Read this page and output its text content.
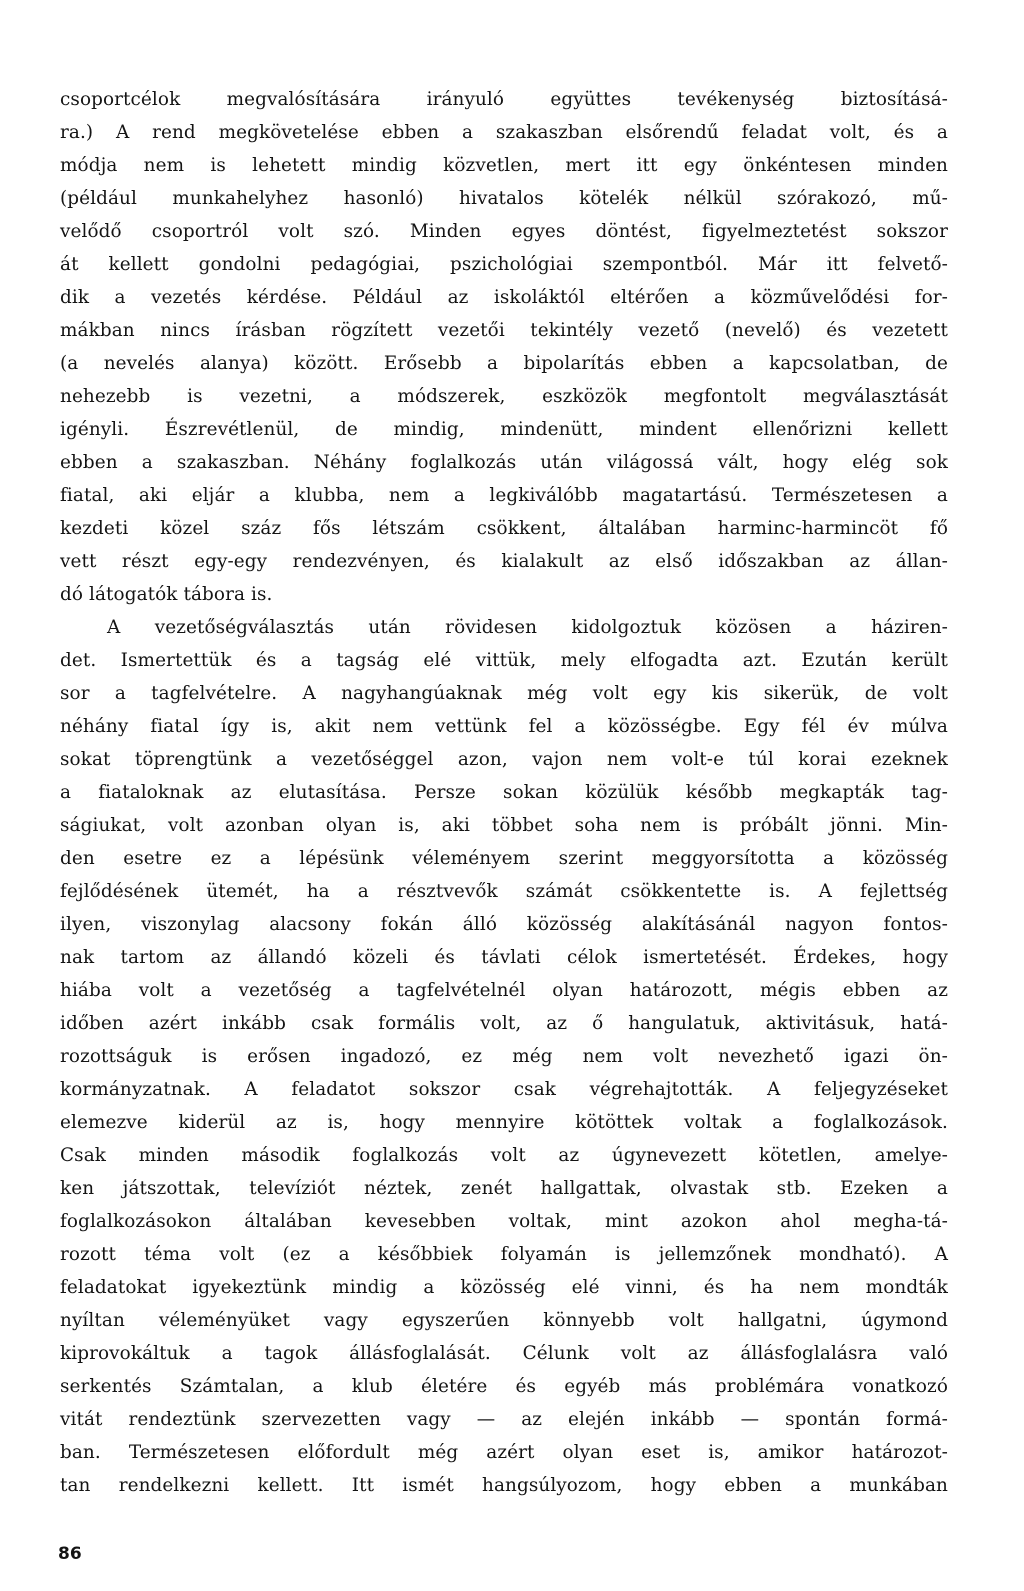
csoportcélok megvalósítására irányuló együttes tevékenység biztosításá-
ra.) A rend megkövetelése ebben a szakaszban elsőrendű feladat volt, és a
módja nem is lehetett mindig közvetlen, mert itt egy önkéntesen minden
(például munkahelyhez hasonló) hivatalos kötelék nélkül szórakozó, mű-
velődő csoportról volt szó. Minden egyes döntést, figyelmeztetést sokszor
át kellett gondolni pedagógiai, pszichológiai szempontból. Már itt felvető-
dik a vezetés kérdése. Például az iskoláktól eltérően a közművelődési for-
mákban nincs írásban rögzített vezetői tekintély vezető (nevelő) és vezetett
(a nevelés alanya) között. Erősebb a bipolarítás ebben a kapcsolatban, de
nehezebb is vezetni, a módszerek, eszközök megfontolt megválasztását
igényli. Észrevétlenül, de mindig, mindenütt, mindent ellenőrizni kellett
ebben a szakaszban. Néhány foglalkozás után világossá vált, hogy elég sok
fiatal, aki eljár a klubba, nem a legkiválóbb magatartású. Természetesen a
kezdeti közel száz fős létszám csökkent, általában harminc-harmincöt fő
vett részt egy-egy rendezvényen, és kialakult az első időszakban az állan-
dó látogatók tábora is.
A vezetőségválasztás után rövidesen kidolgoztuk közösen a háziren-
det. Ismertettük és a tagság elé vittük, mely elfogadta azt. Ezután került
sor a tagfelvételre. A nagyhangúaknak még volt egy kis sikerük, de volt
néhány fiatal így is, akit nem vettünk fel a közösségbe. Egy fél év múlva
sokat töprengtünk a vezetőséggel azon, vajon nem volt-e túl korai ezeknek
a fiataloknak az elutasítása. Persze sokan közülük később megkapták tag-
ságiukat, volt azonban olyan is, aki többet soha nem is próbált jönni. Min-
den esetre ez a lépésünk véleményem szerint meggyorsította a közösség
fejlődésének ütemét, ha a résztvevők számát csökkentette is. A fejlettség
ilyen, viszonylag alacsony fokán álló közösség alakításánál nagyon fontos-
nak tartom az állandó közeli és távlati célok ismertetését. Érdekes, hogy
hiába volt a vezetőség a tagfelvételnél olyan határozott, mégis ebben az
időben azért inkább csak formális volt, az ő hangulatuk, aktivitásuk, hatá-
rozottságuk is erősen ingadozó, ez még nem volt nevezhető igazi ön-
kormányzatnak. A feladatot sokszor csak végrehajtották. A feljegyzéseket
elemezve kiderül az is, hogy mennyire kötöttek voltak a foglalkozások.
Csak minden második foglalkozás volt az úgynevezett kötetlen, amelye-
ken játszottak, televíziót néztek, zenét hallgattak, olvastak stb. Ezeken a
foglalkozásokon általában kevesebben voltak, mint azokon ahol megha-tá-
rozott téma volt (ez a későbbiek folyamán is jellemzőnek mondható). A
feladatokat igyekeztünk mindig a közösség elé vinni, és ha nem mondták
nyíltan véleményüket vagy egyszerűen könnyebb volt hallgatni, úgymond
kiprovokáltuk a tagok állásfoglalását. Célunk volt az állásfoglalásra való
serkentés Számtalan, a klub életére és egyéb más problémára vonatkozó
vitát rendeztünk szervezetten vagy — az elején inkább — spontán formá-
ban. Természetesen előfordult még azért olyan eset is, amikor határozot-
tan rendelkezni kellett. Itt ismét hangsúlyozom, hogy ebben a munkában
86
